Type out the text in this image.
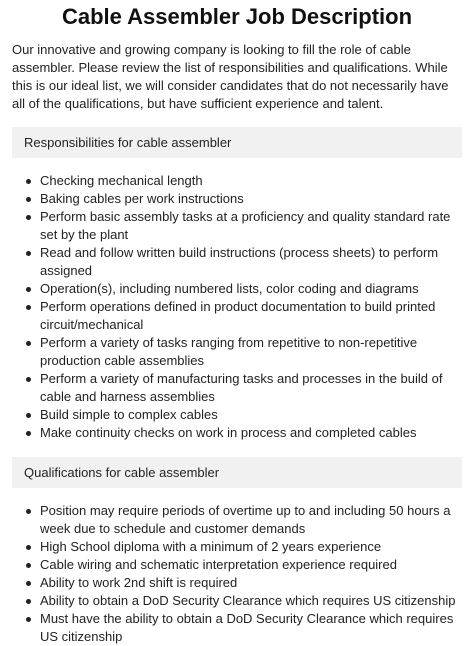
Cable Assembler Job Description

Our innovative and growing company is looking to fill the role of cable assembler. Please review the list of responsibilities and qualifications. While this is our ideal list, we will consider candidates that do not necessarily have all of the qualifications, but have sufficient experience and talent.

Responsibilities for cable assembler
Checking mechanical length
Baking cables per work instructions
Perform basic assembly tasks at a proficiency and quality standard rate set by the plant
Read and follow written build instructions (process sheets) to perform assigned
Operation(s), including numbered lists, color coding and diagrams
Perform operations defined in product documentation to build printed circuit/mechanical
Perform a variety of tasks ranging from repetitive to non-repetitive production cable assemblies
Perform a variety of manufacturing tasks and processes in the build of cable and harness assemblies
Build simple to complex cables
Make continuity checks on work in process and completed cables
Qualifications for cable assembler
Position may require periods of overtime up to and including 50 hours a week due to schedule and customer demands
High School diploma with a minimum of 2 years experience
Cable wiring and schematic interpretation experience required
Ability to work 2nd shift is required
Ability to obtain a DoD Security Clearance which requires US citizenship
Must have the ability to obtain a DoD Security Clearance which requires US citizenship
